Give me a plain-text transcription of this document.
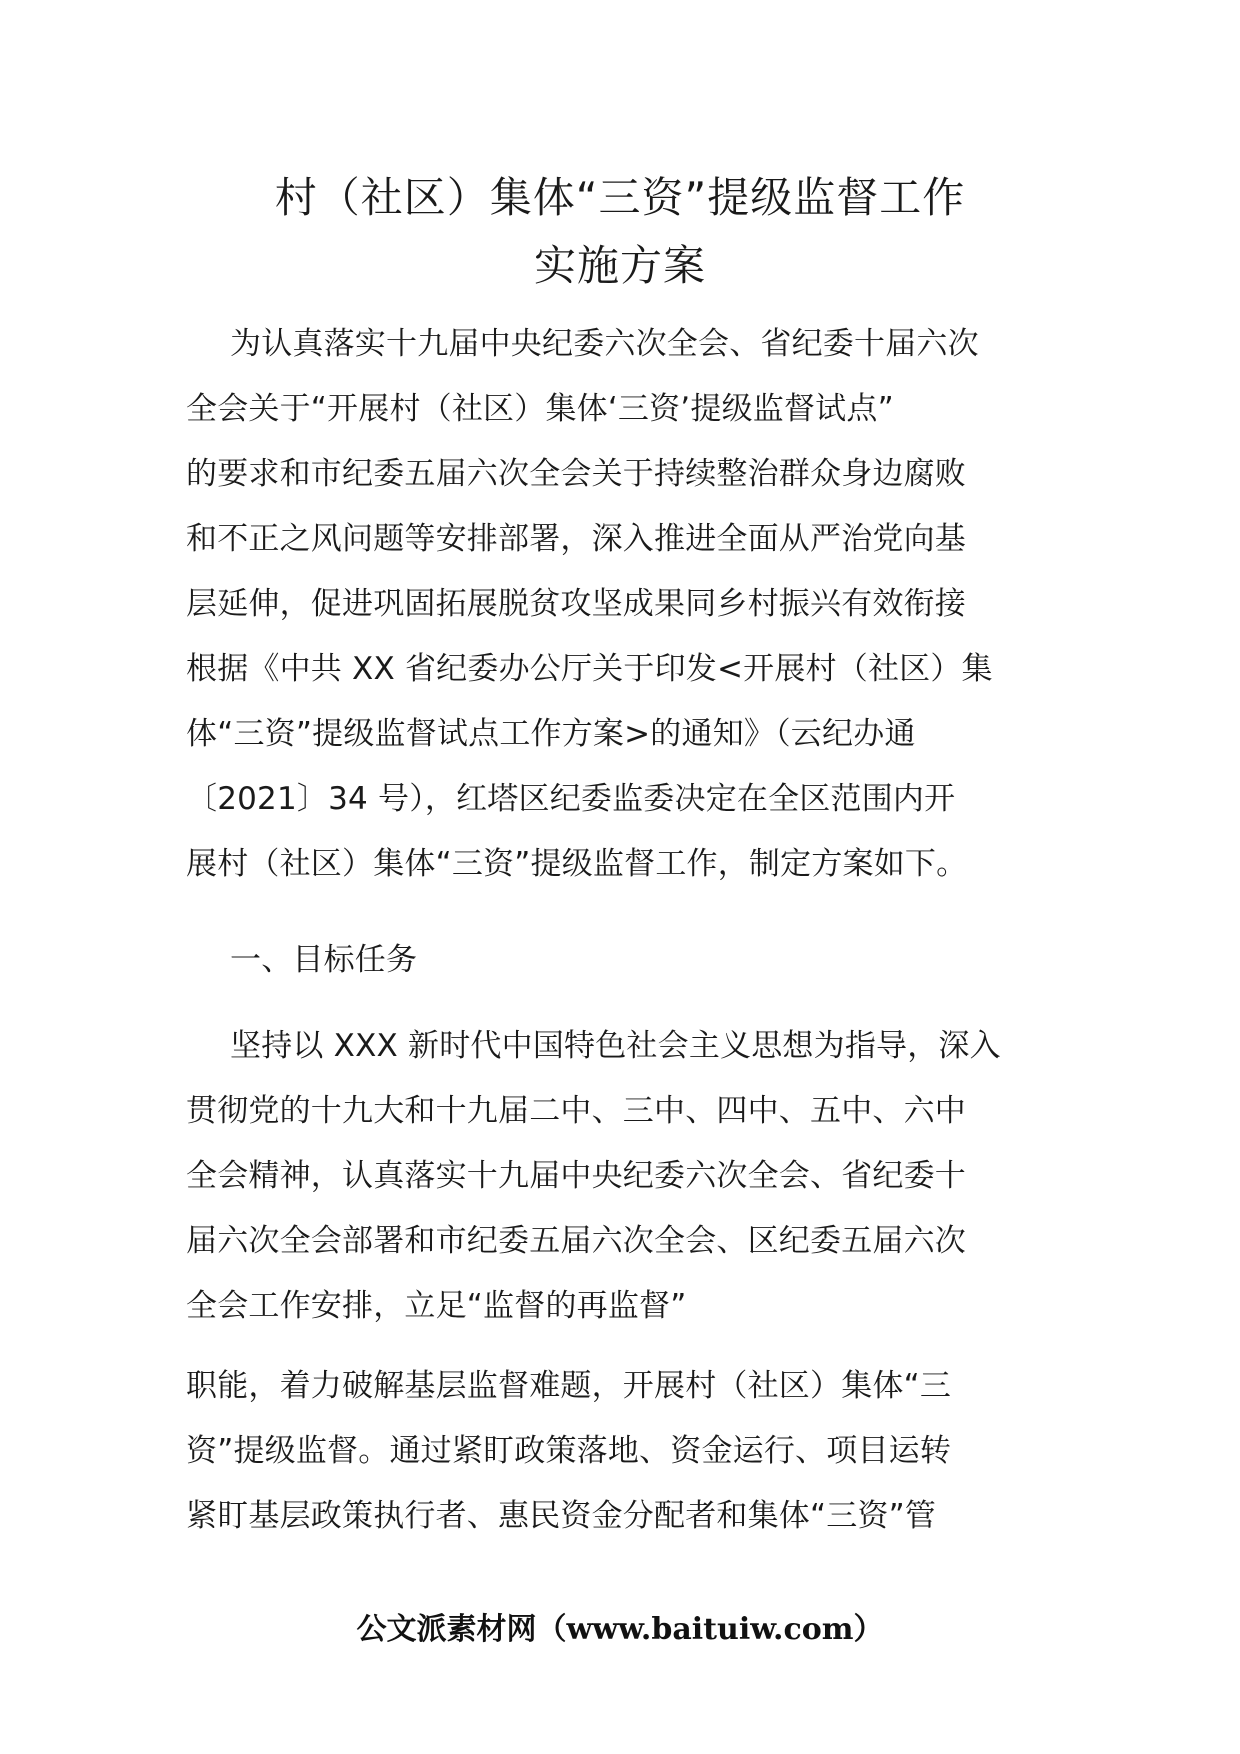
村（社区）集体“三资”提级监督工作
实施方案
为认真落实十九届中央纪委六次全会、省纪委十届六次
全会关于“开展村（社区）集体‘三资’提级监督试点”
的要求和市纪委五届六次全会关于持续整治群众身边腐败
和不正之风问题等安排部署，深入推进全面从严治党向基
层延伸，促进巩固拓展脱贫攻坚成果同乡村振兴有效衔接
根据《中共 XX 省纪委办公厅关于印发<开展村（社区）集
体“三资”提级监督试点工作方案>的通知》（云纪办通
〔2021〕34 号），红塔区纪委监委决定在全区范围内开
展村（社区）集体“三资”提级监督工作，制定方案如下。
一、目标任务
坚持以 XXX 新时代中国特色社会主义思想为指导，深入
贯彻党的十九大和十九届二中、三中、四中、五中、六中
全会精神，认真落实十九届中央纪委六次全会、省纪委十
届六次全会部署和市纪委五届六次全会、区纪委五届六次
全会工作安排，立足“监督的再监督”
职能，着力破解基层监督难题，开展村（社区）集体“三
资”提级监督。通过紧盯政策落地、资金运行、项目运转
紧盯基层政策执行者、惠民资金分配者和集体“三资”管
公文派素材网（www.baituiw.com）
